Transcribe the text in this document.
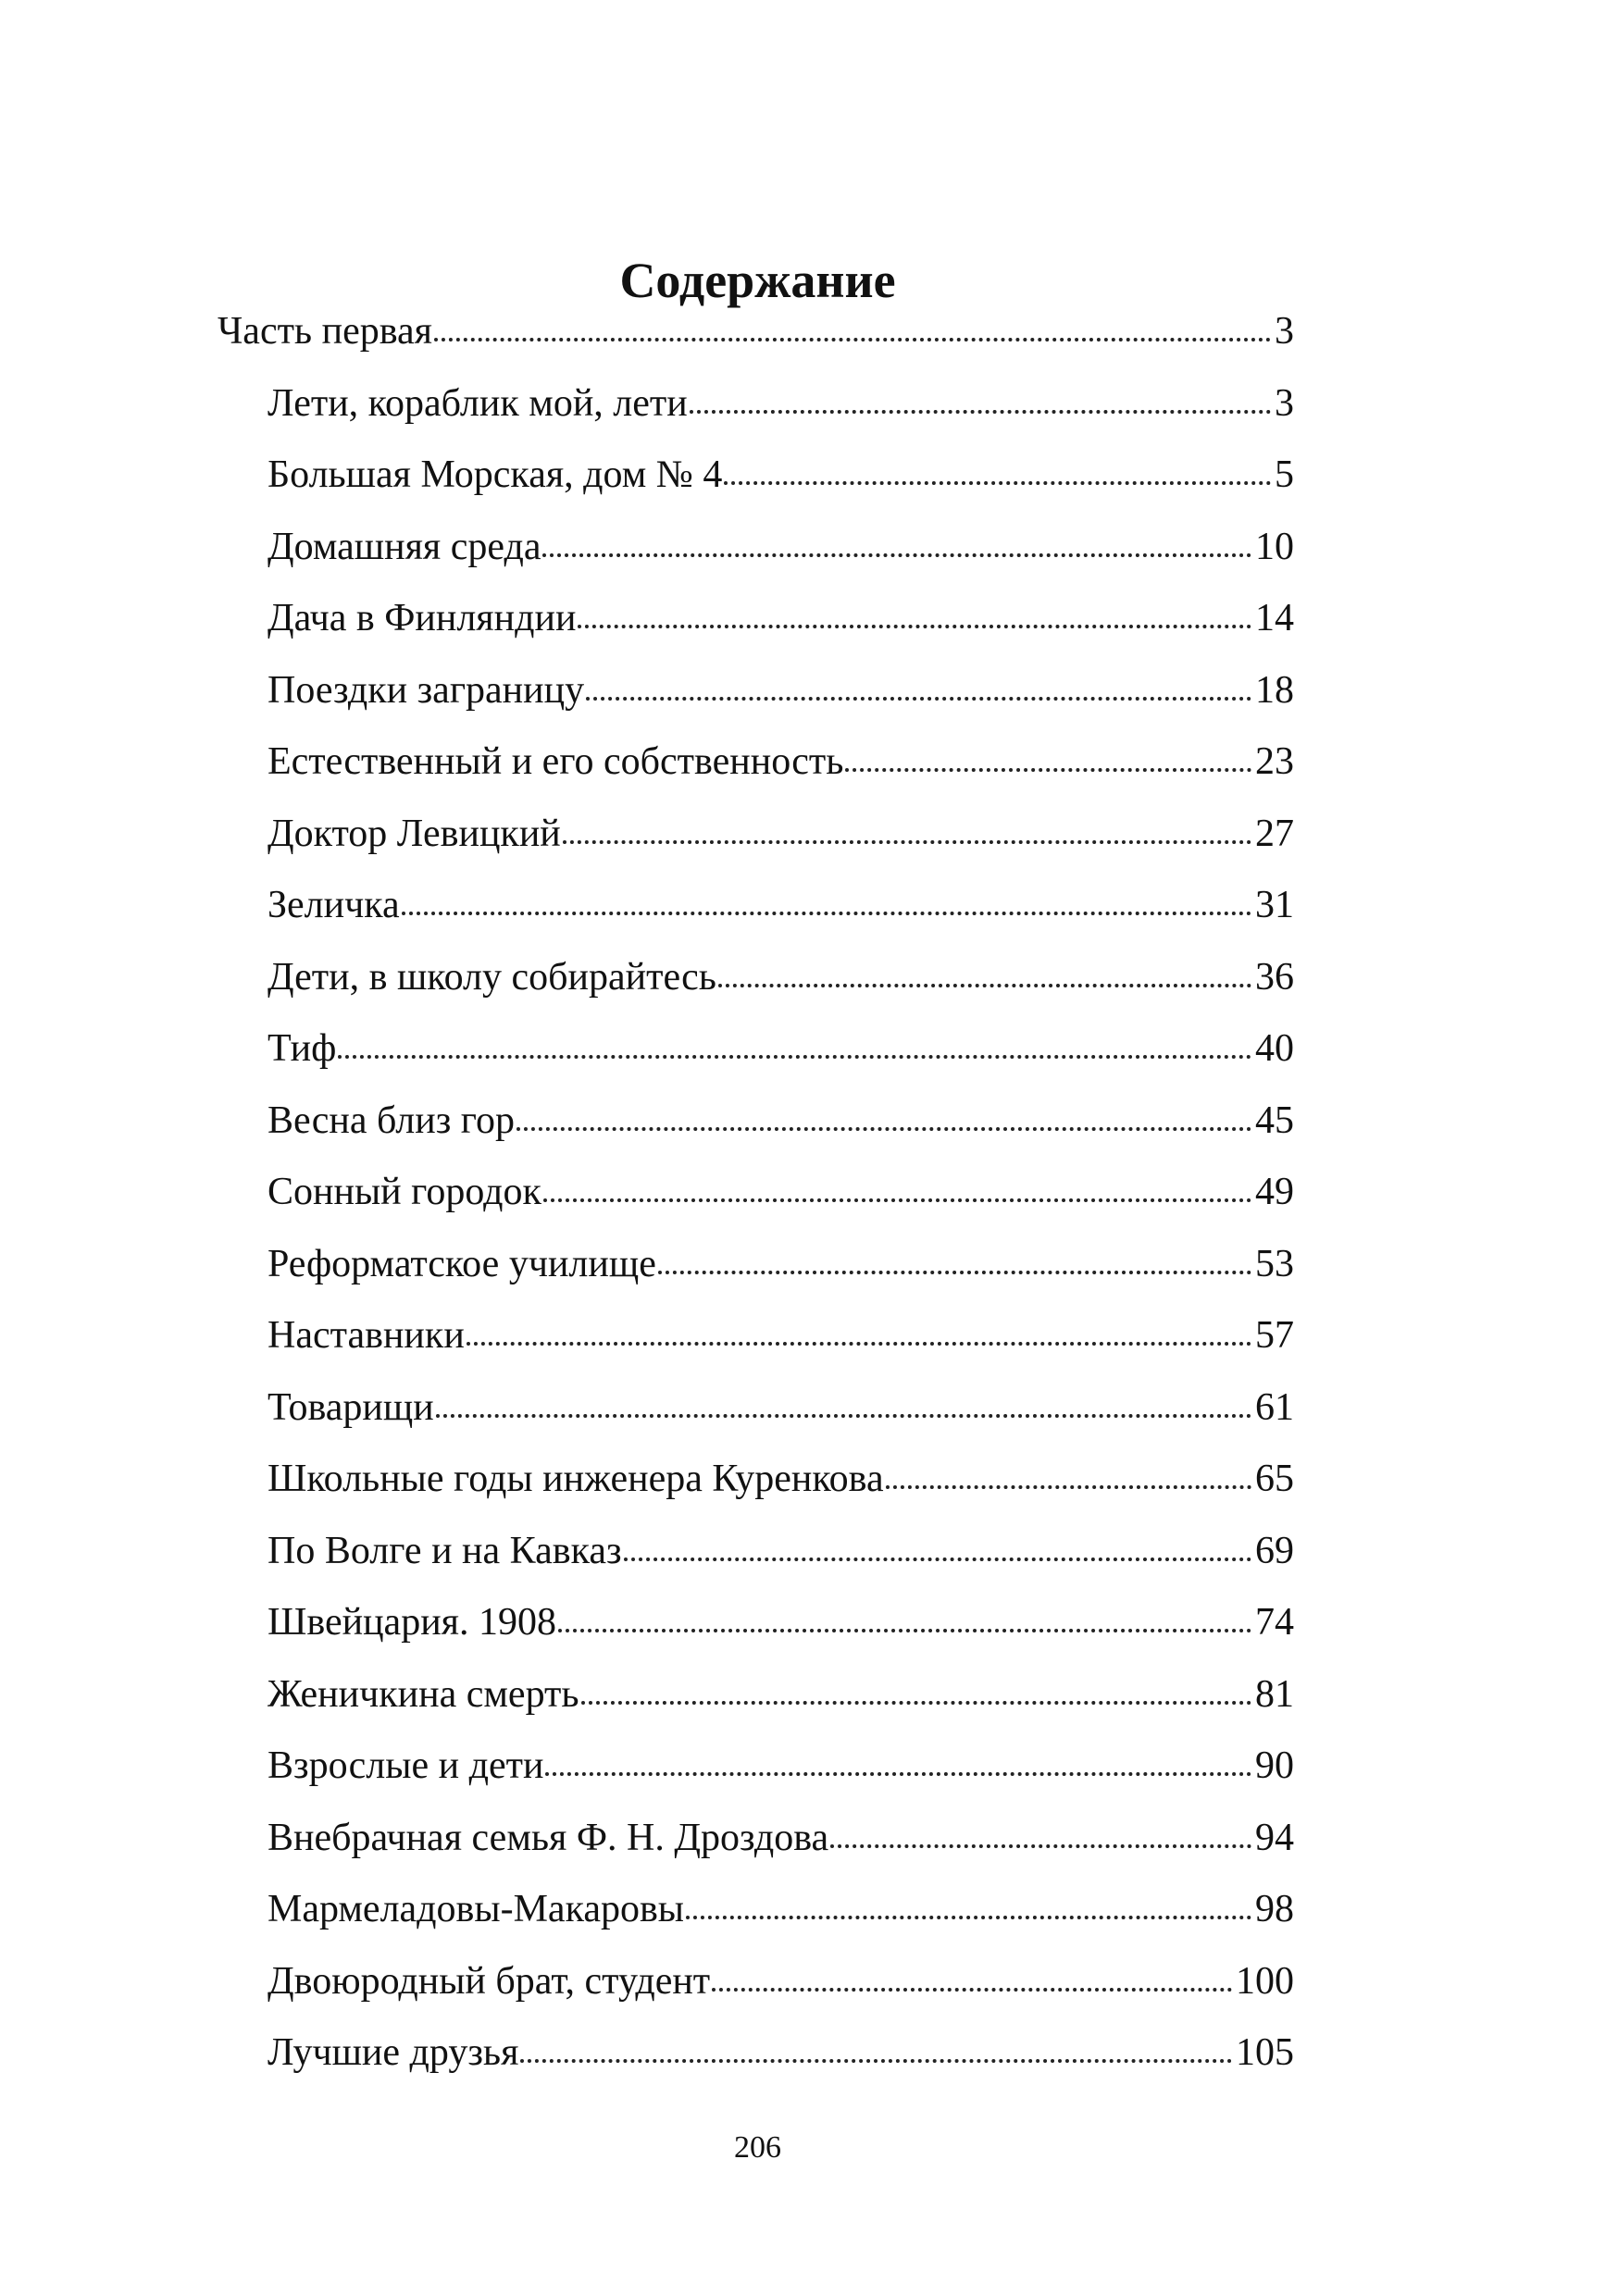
Содержание
Часть первая	3
Лети, кораблик мой, лети	3
Большая Морская, дом № 4	5
Домашняя среда	10
Дача в Финляндии	14
Поездки заграницу	18
Естественный и его собственность	23
Доктор Левицкий	27
Зеличка	31
Дети, в школу собирайтесь	36
Тиф	40
Весна близ гор	45
Сонный городок	49
Реформатское училище	53
Наставники	57
Товарищи	61
Школьные годы инженера Куренкова	65
По Волге и на Кавказ	69
Швейцария. 1908	74
Женичкина смерть	81
Взрослые и дети	90
Внебрачная семья Ф. Н. Дроздова	94
Мармеладовы-Макаровы	98
Двоюродный брат, студент	100
Лучшие друзья	105
206
